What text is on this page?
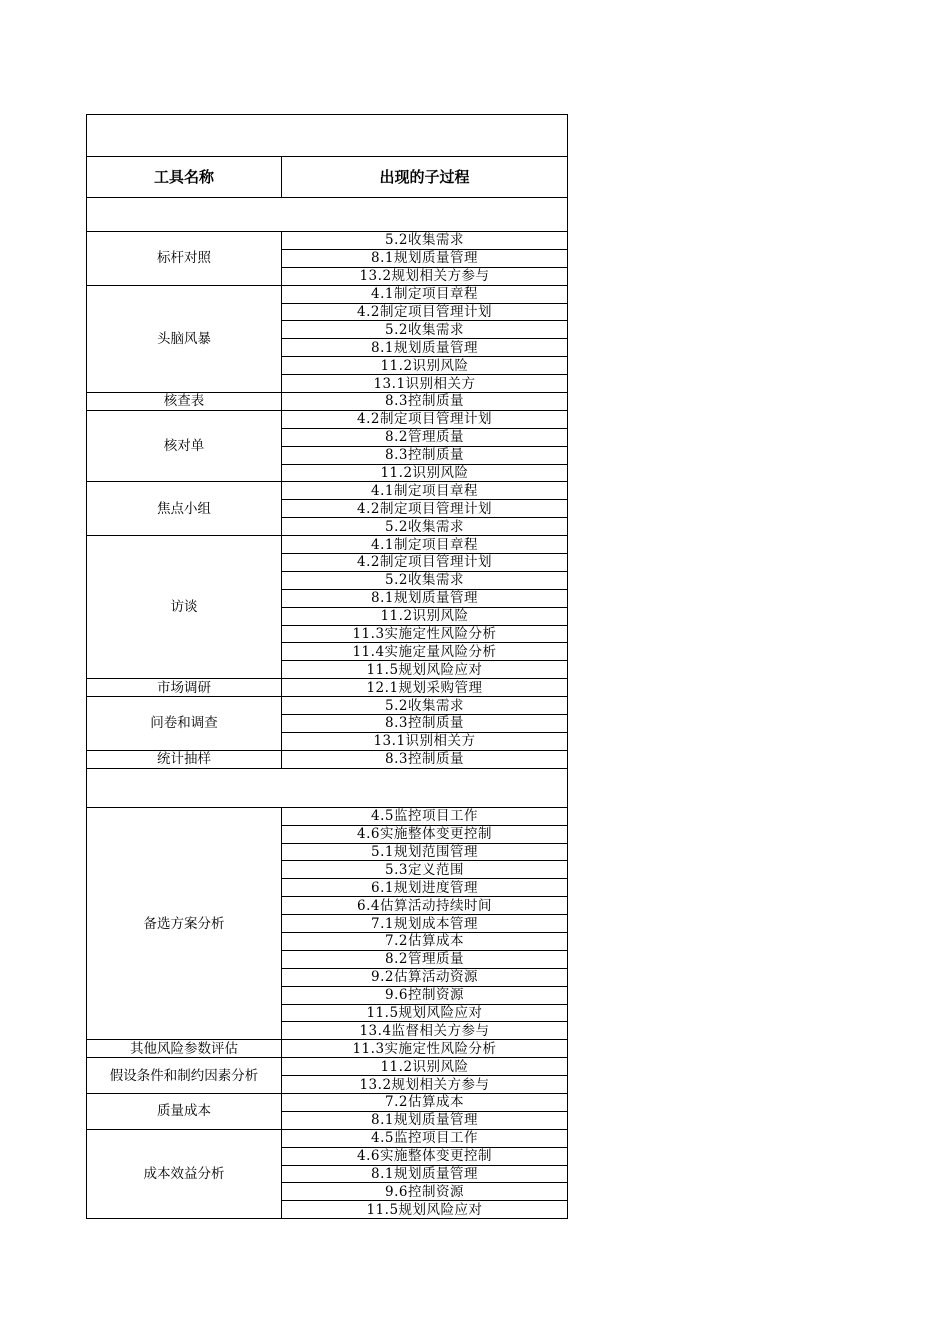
工具名称	出现的子过程

标杆对照	5.2收集需求
	8.1规划质量管理
	13.2规划相关方参与
头脑风暴	4.1制定项目章程
	4.2制定项目管理计划
	5.2收集需求
	8.1规划质量管理
	11.2识别风险
	13.1识别相关方
核查表	8.3控制质量
核对单	4.2制定项目管理计划
	8.2管理质量
	8.3控制质量
	11.2识别风险
焦点小组	4.1制定项目章程
	4.2制定项目管理计划
	5.2收集需求
访谈	4.1制定项目章程
	4.2制定项目管理计划
	5.2收集需求
	8.1规划质量管理
	11.2识别风险
	11.3实施定性风险分析
	11.4实施定量风险分析
	11.5规划风险应对
市场调研	12.1规划采购管理
问卷和调查	5.2收集需求
	8.3控制质量
	13.1识别相关方
统计抽样	8.3控制质量

备选方案分析	4.5监控项目工作
	4.6实施整体变更控制
	5.1规划范围管理
	5.3定义范围
	6.1规划进度管理
	6.4估算活动持续时间
	7.1规划成本管理
	7.2估算成本
	8.2管理质量
	9.2估算活动资源
	9.6控制资源
	11.5规划风险应对
	13.4监督相关方参与
其他风险参数评估	11.3实施定性风险分析
假设条件和制约因素分析	11.2识别风险
	13.2规划相关方参与
质量成本	7.2估算成本
	8.1规划质量管理
成本效益分析	4.5监控项目工作
	4.6实施整体变更控制
	8.1规划质量管理
	9.6控制资源
	11.5规划风险应对
